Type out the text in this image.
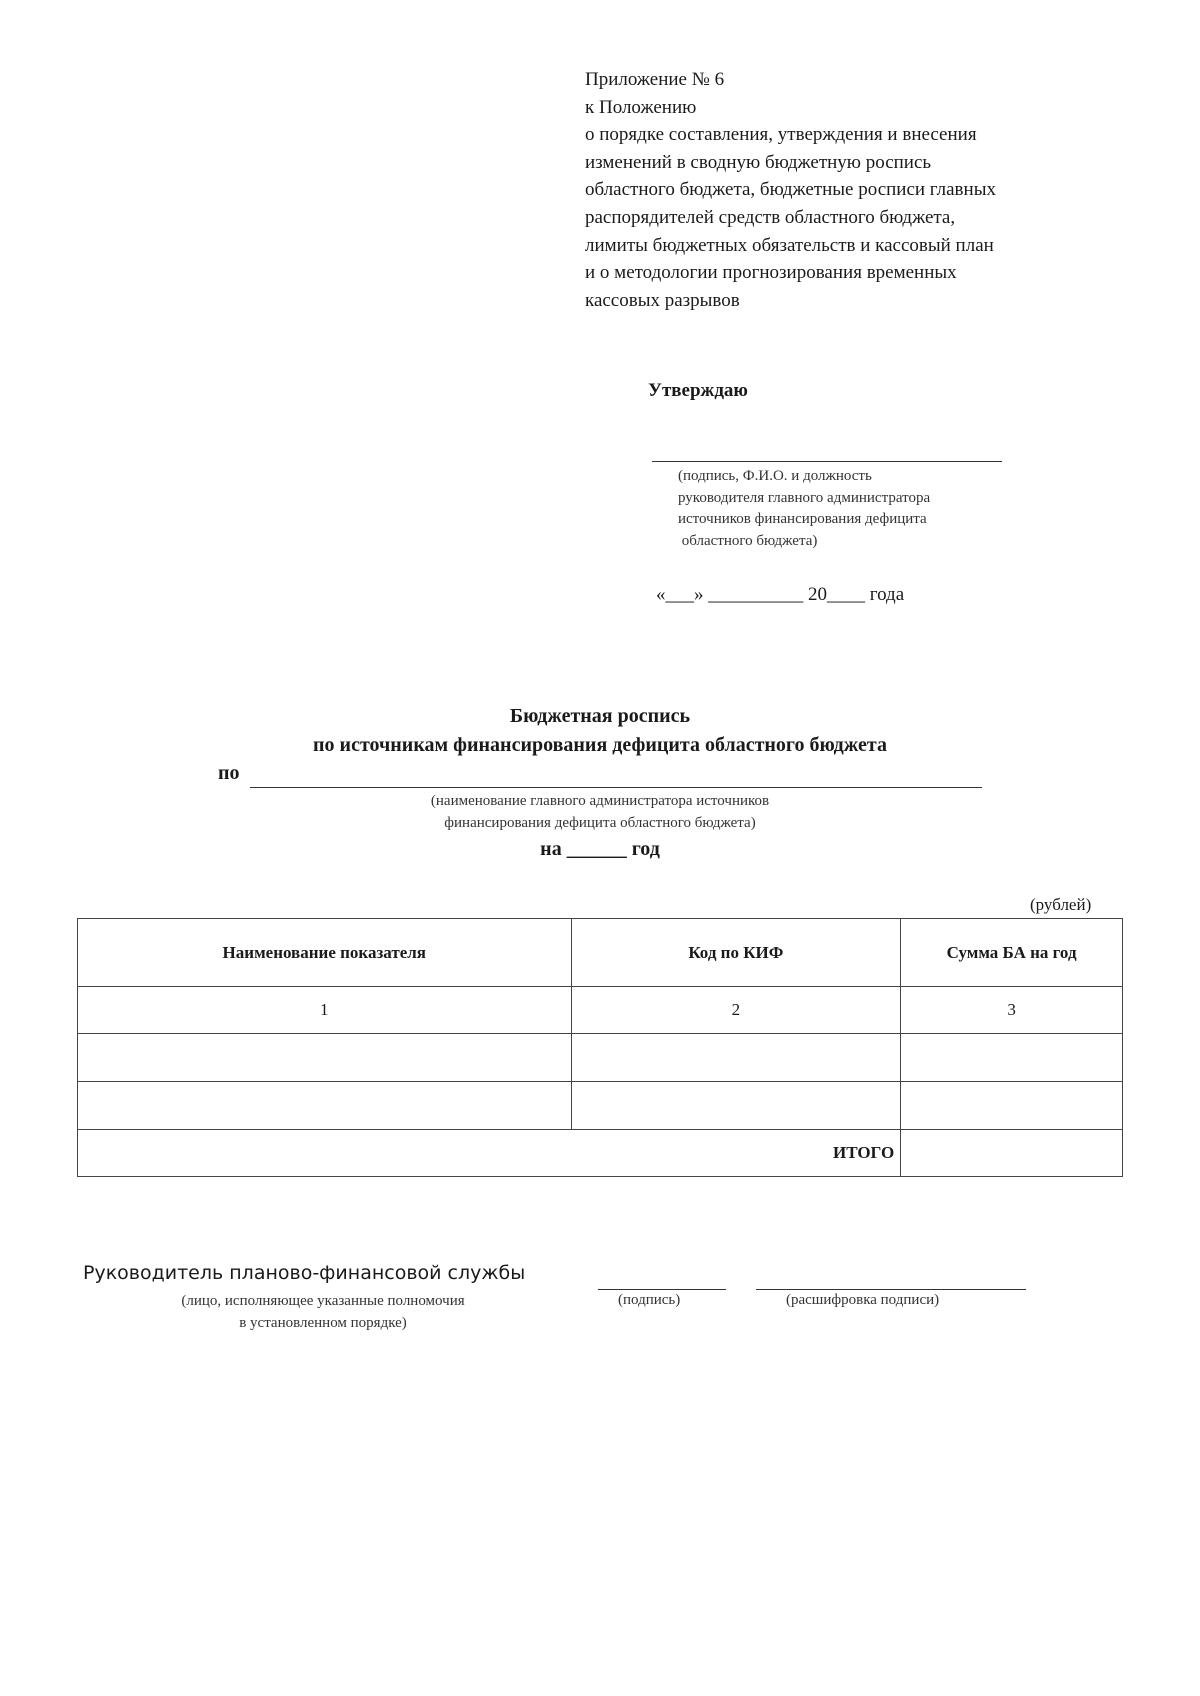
Приложение № 6
к Положению
о порядке составления, утверждения и внесения
изменений в сводную бюджетную роспись
областного бюджета, бюджетные росписи главных
распорядителей средств областного бюджета,
лимиты бюджетных обязательств и кассовый план
и о методологии прогнозирования временных
кассовых разрывов
Утверждаю
(подпись, Ф.И.О. и должность
руководителя главного администратора
источников финансирования дефицита
областного бюджета)
«___» __________ 20____ года
Бюджетная роспись
по источникам финансирования дефицита областного бюджета
по
(наименование главного администратора источников
финансирования дефицита областного бюджета)
на ______ год
(рублей)
Наименование показателя	Код по КИФ	Сумма БА на год
1	2	3

ИТОГО		
Руководитель планово-финансовой службы
(лицо, исполняющее указанные полномочия
в установленном порядке)
(подпись)	(расшифровка подписи)
